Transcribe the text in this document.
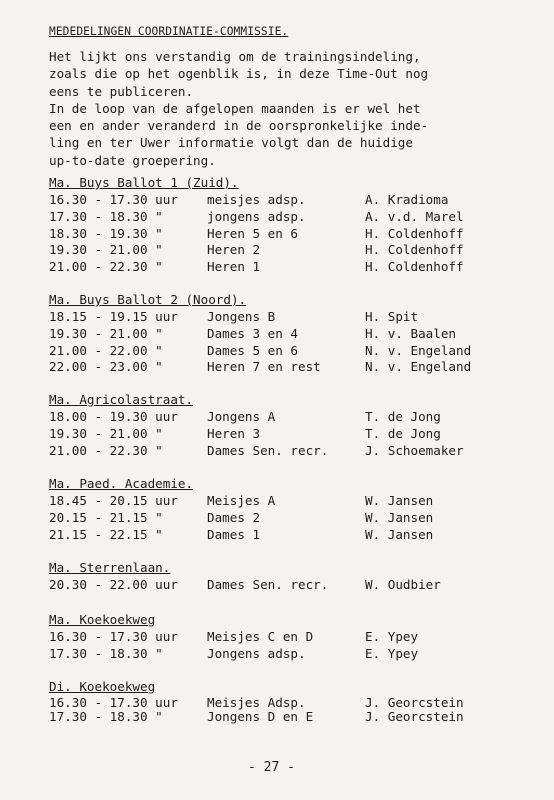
MEDEDELINGEN COORDINATIE-COMMISSIE.
Het lijkt ons verstandig om de trainingsindeling,
zoals die op het ogenblik is, in deze Time-Out nog
eens te publiceren.
In de loop van de afgelopen maanden is er wel het
een en ander veranderd in de oorspronkelijke inde-
ling en ter Uwer informatie volgt dan de huidige
up-to-date groepering.
Ma. Buys Ballot 1 (Zuid).
16.30 - 17.30 uur meisjes adsp.	A. Kradioma
17.30 - 18.30 "	jongens adsp.	A. v.d. Marel
18.30 - 19.30 "	Heren 5 en 6	H. Coldenhoff
19.30 - 21.00 "	Heren 2	H. Coldenhoff
21.00 - 22.30 "	Heren 1	H. Coldenhoff
Ma. Buys Ballot 2 (Noord).
18.15 - 19.15 uur Jongens B	H. Spit
19.30 - 21.00 "	Dames 3 en 4	H. v. Baalen
21.00 - 22.00 "	Dames 5 en 6	N. v. Engeland
22.00 - 23.00 "	Heren 7 en rest	N. v. Engeland
Ma. Agricolastraat.
18.00 - 19.30 uur Jongens A	T. de Jong
19.30 - 21.00 "	Heren 3	T. de Jong
21.00 - 22.30 "	Dames Sen. recr.	J. Schoemaker
Ma. Paed. Academie.
18.45 - 20.15 uur Meisjes A	W. Jansen
20.15 - 21.15 "	Dames 2	W. Jansen
21.15 - 22.15 "	Dames 1	W. Jansen
Ma. Sterrenlaan.
20.30 - 22.00 uur Dames Sen. recr.	W. Oudbier
Ma. Koekoekweg
16.30 - 17.30 uur Meisjes C en D	E. Ypey
17.30 - 18.30 "	Jongens adsp.	E. Ypey
Di. Koekoekweg
16.30 - 17.30 uur Meisjes Adsp.	J. Georcstein
17.30 - 18.30 "	Jongens D en E	J. Georcstein
- 27 -
